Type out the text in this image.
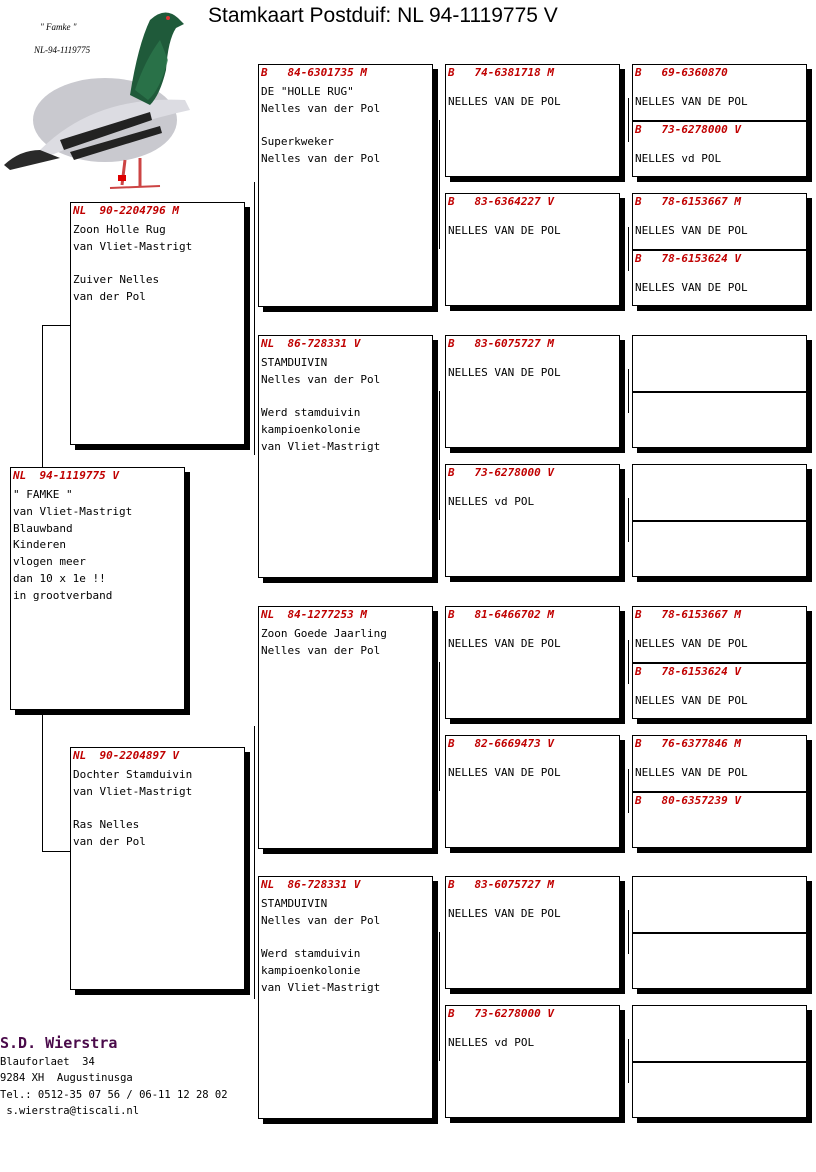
Stamkaart Postduif: NL 94-1119775 V
" Famke "
NL-94-1119775
NL  94-1119775 V
" FAMKE "
van Vliet-Mastrigt
Blauwband
Kinderen
vlogen meer
dan 10 x 1e !!
in grootverband
NL  90-2204796 M
Zoon Holle Rug
van Vliet-Mastrigt

Zuiver Nelles
van der Pol
NL  90-2204897 V
Dochter Stamduivin
van Vliet-Mastrigt

Ras Nelles
van der Pol
B   84-6301735 M
DE "HOLLE RUG"
Nelles van der Pol

Superkweker
Nelles van der Pol
NL  86-728331 V
STAMDUIVIN
Nelles van der Pol

Werd stamduivin
kampioenkolonie
van Vliet-Mastrigt
NL  84-1277253 M
Zoon Goede Jaarling
Nelles van der Pol
NL  86-728331 V
STAMDUIVIN
Nelles van der Pol

Werd stamduivin
kampioenkolonie
van Vliet-Mastrigt
B   74-6381718 M
NELLES VAN DE POL
B   83-6364227 V
NELLES VAN DE POL
B   83-6075727 M
NELLES VAN DE POL
B   73-6278000 V
NELLES vd POL
B   81-6466702 M
NELLES VAN DE POL
B   82-6669473 V
NELLES VAN DE POL
B   83-6075727 M
NELLES VAN DE POL
B   73-6278000 V
NELLES vd POL
B   69-6360870
NELLES VAN DE POL
B   73-6278000 V
NELLES vd POL
B   78-6153667 M
NELLES VAN DE POL
B   78-6153624 V
NELLES VAN DE POL
B   78-6153667 M
NELLES VAN DE POL
B   78-6153624 V
NELLES VAN DE POL
B   76-6377846 M
NELLES VAN DE POL
B   80-6357239 V
S.D. Wierstra
Blauforlaet  34
9284 XH  Augustinusga
Tel.: 0512-35 07 56 / 06-11 12 28 02
s.wierstra@tiscali.nl
